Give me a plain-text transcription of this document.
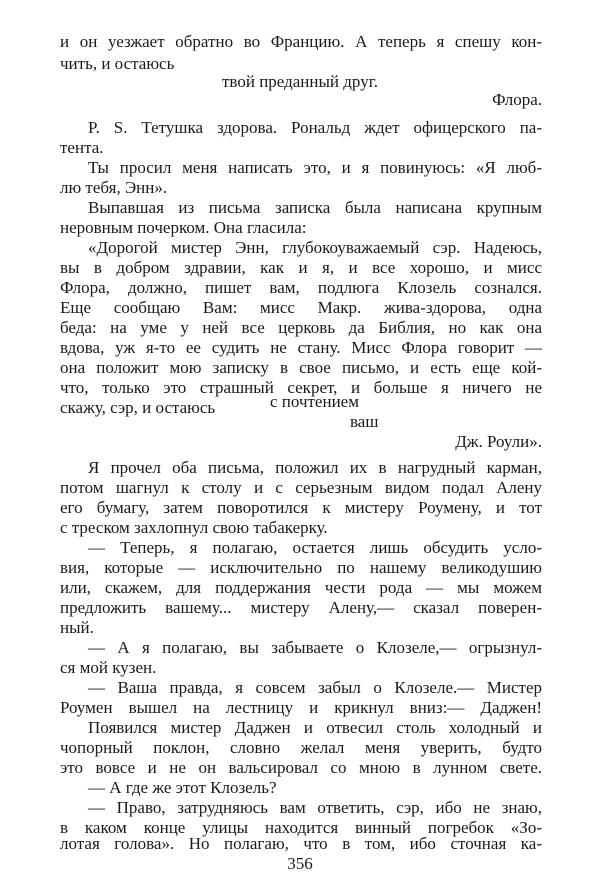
и он уезжает обратно во Францию. А теперь я спешу кон-
чить, и остаюсь
твой преданный друг.
Флора.
P. S. Тетушка здорова. Рональд ждет офицерского па-
тента.
Ты просил меня написать это, и я повинуюсь: «Я люб-
лю тебя, Энн».
Выпавшая из письма записка была написана крупным
неровным почерком. Она гласила:
«Дорогой мистер Энн, глубокоуважаемый сэр. Надеюсь,
вы в добром здравии, как и я, и все хорошо, и мисс
Флора, должно, пишет вам, подлюга Клозель сознался.
Еще сообщаю Вам: мисс Макр. жива-здорова, одна
беда: на уме у ней все церковь да Библия, но как она
вдова, уж я-то ее судить не стану. Мисс Флора говорит —
она положит мою записку в свое письмо, и есть еще кой-
что, только это страшный секрет, и больше я ничего не
скажу, сэр, и остаюсь	с почтением
ваш
Дж. Роули».
Я прочел оба письма, положил их в нагрудный карман,
потом шагнул к столу и с серьезным видом подал Алену
его бумагу, затем поворотился к мистеру Роумену, и тот
с треском захлопнул свою табакерку.
— Теперь, я полагаю, остается лишь обсудить усло-
вия, которые — исключительно по нашему великодушию
или, скажем, для поддержания чести рода — мы можем
предложить вашему... мистеру Алену,— сказал поверен-
ный.
— А я полагаю, вы забываете о Клозеле,— огрызнул-
ся мой кузен.
— Ваша правда, я совсем забыл о Клозеле.— Мистер
Роумен вышел на лестницу и крикнул вниз:— Даджен!
Появился мистер Даджен и отвесил столь холодный и
чопорный поклон, словно желал меня уверить, будто
это вовсе и не он вальсировал со мною в лунном свете.
— А где же этот Клозель?
— Право, затрудняюсь вам ответить, сэр, ибо не знаю,
в каком конце улицы находится винный погребок «Зо-
лотая голова». Но полагаю, что в том, ибо сточная ка-
356
